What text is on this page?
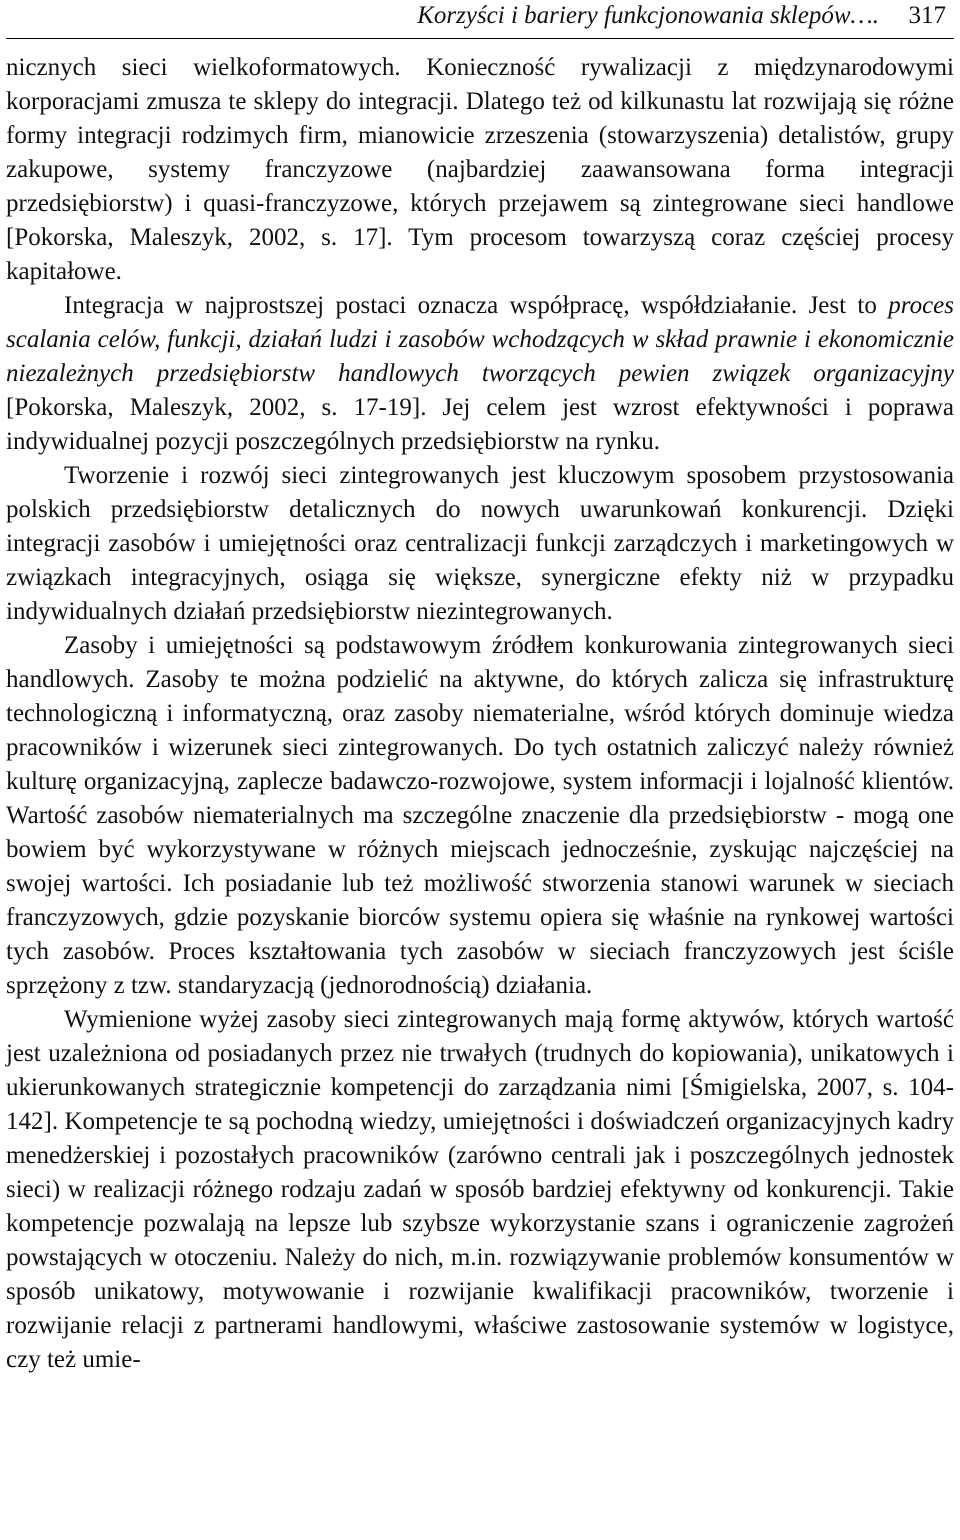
Korzyści i bariery funkcjonowania sklepów…. 317

nicznych sieci wielkoformatowych. Konieczność rywalizacji z międzynarodowymi korporacjami zmusza te sklepy do integracji. Dlatego też od kilkunastu lat rozwijają się różne formy integracji rodzimych firm, mianowicie zrzeszenia (stowarzyszenia) detalistów, grupy zakupowe, systemy franczyzowe (najbardziej zaawansowana forma integracji przedsiębiorstw) i quasi-franczyzowe, których przejawem są zintegrowane sieci handlowe [Pokorska, Maleszyk, 2002, s. 17]. Tym procesom towarzyszą coraz częściej procesy kapitałowe.

Integracja w najprostszej postaci oznacza współpracę, współdziałanie. Jest to proces scalania celów, funkcji, działań ludzi i zasobów wchodzących w skład prawnie i ekonomicznie niezależnych przedsiębiorstw handlowych tworzących pewien związek organizacyjny [Pokorska, Maleszyk, 2002, s. 17-19]. Jej celem jest wzrost efektywności i poprawa indywidualnej pozycji poszczególnych przedsiębiorstw na rynku.

Tworzenie i rozwój sieci zintegrowanych jest kluczowym sposobem przystosowania polskich przedsiębiorstw detalicznych do nowych uwarunkowań konkurencji. Dzięki integracji zasobów i umiejętności oraz centralizacji funkcji zarządczych i marketingowych w związkach integracyjnych, osiąga się większe, synergiczne efekty niż w przypadku indywidualnych działań przedsiębiorstw niezintegrowanych.

Zasoby i umiejętności są podstawowym źródłem konkurowania zintegrowanych sieci handlowych. Zasoby te można podzielić na aktywne, do których zalicza się infrastrukturę technologiczną i informatyczną, oraz zasoby niematerialne, wśród których dominuje wiedza pracowników i wizerunek sieci zintegrowanych. Do tych ostatnich zaliczyć należy również kulturę organizacyjną, zaplecze badawczo-rozwojowe, system informacji i lojalność klientów. Wartość zasobów niematerialnych ma szczególne znaczenie dla przedsiębiorstw - mogą one bowiem być wykorzystywane w różnych miejscach jednocześnie, zyskując najczęściej na swojej wartości. Ich posiadanie lub też możliwość stworzenia stanowi warunek w sieciach franczyzowych, gdzie pozyskanie biorców systemu opiera się właśnie na rynkowej wartości tych zasobów. Proces kształtowania tych zasobów w sieciach franczyzowych jest ściśle sprzężony z tzw. standaryzacją (jednorodnością) działania.

Wymienione wyżej zasoby sieci zintegrowanych mają formę aktywów, których wartość jest uzależniona od posiadanych przez nie trwałych (trudnych do kopiowania), unikatowych i ukierunkowanych strategicznie kompetencji do zarządzania nimi [Śmigielska, 2007, s. 104-142]. Kompetencje te są pochodną wiedzy, umiejętności i doświadczeń organizacyjnych kadry menedżerskiej i pozostałych pracowników (zarówno centrali jak i poszczególnych jednostek sieci) w realizacji różnego rodzaju zadań w sposób bardziej efektywny od konkurencji. Takie kompetencje pozwalają na lepsze lub szybsze wykorzystanie szans i ograniczenie zagrożeń powstających w otoczeniu. Należy do nich, m.in. rozwiązywanie problemów konsumentów w sposób unikatowy, motywowanie i rozwijanie kwalifikacji pracowników, tworzenie i rozwijanie relacji z partnerami handlowymi, właściwe zastosowanie systemów w logistyce, czy też umie-
